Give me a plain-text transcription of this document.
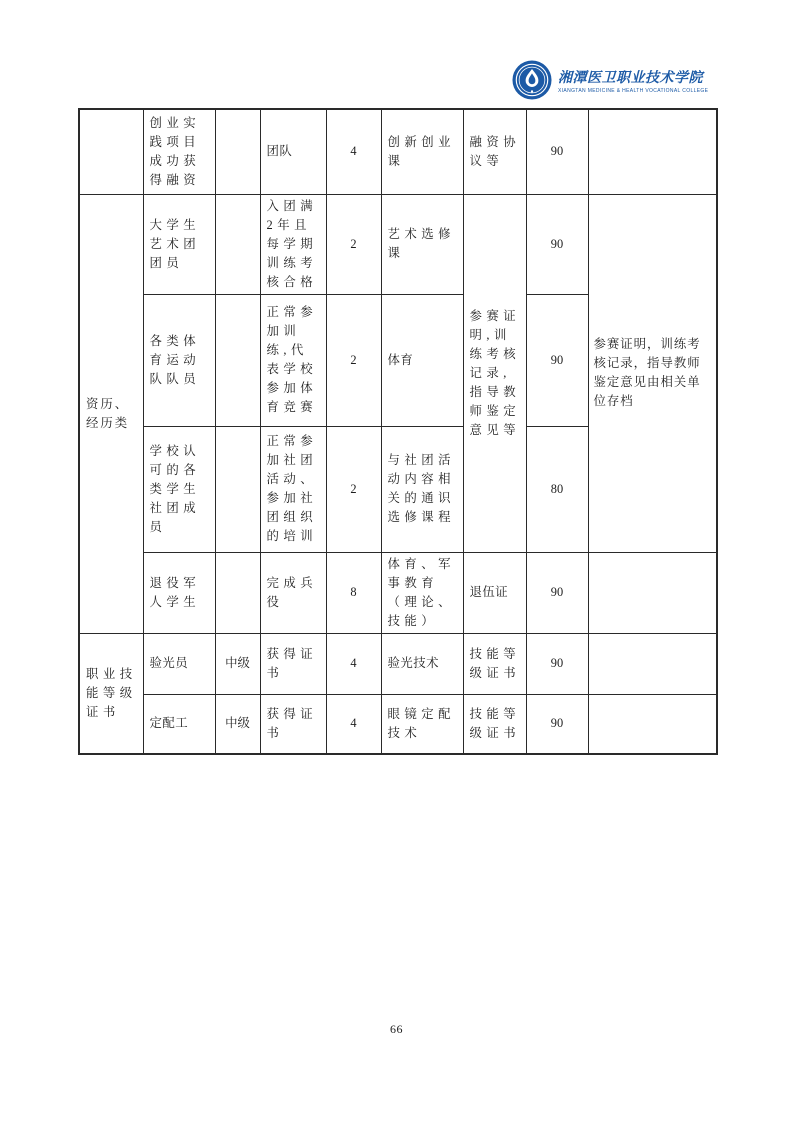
湘潭医卫职业技术学院
XIANGTAN MEDICINE & HEALTH VOCATIONAL COLLEGE
	创业实践项目成功获得融资		团队	4	创新创业课	融资协议等	90	
资历、经历类	大学生艺术团团员		入团满2年且每学期训练考核合格	2	艺术选修课	参赛证明,训练考核记录,指导教师鉴定意见等	90	参赛证明，训练考核记录，指导教师鉴定意见由相关单位存档
	各类体育运动队队员		正常参加训练,代表学校参加体育竞赛	2	体育		90	
	学校认可的各类学生社团成员		正常参加社团活动、参加社团组织的培训	2	与社团活动内容相关的通识选修课程		80	
	退役军人学生		完成兵役	8	体育、军事教育（理论、技能）	退伍证	90	
职业技能等级证书	验光员	中级	获得证书	4	验光技术	技能等级证书	90	
	定配工	中级	获得证书	4	眼镜定配技术	技能等级证书	90	
66
